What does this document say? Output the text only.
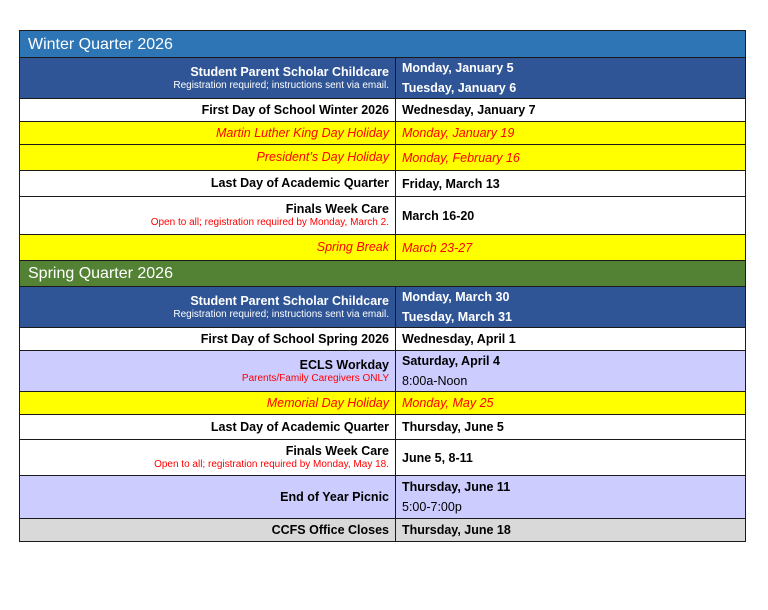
Winter Quarter 2026	

Student Parent Scholar Childcare
Registration required; instructions sent via email.	Monday, January 5
Tuesday, January 6

First Day of School Winter 2026	Wednesday, January 7

Martin Luther King Day Holiday	Monday, January 19

President’s Day Holiday	Monday, February 16

Last Day of Academic Quarter	Friday, March 13

Finals Week Care
Open to all; registration required by Monday, March 2.	March 16-20

Spring Break	March 23-27

Spring Quarter 2026	

Student Parent Scholar Childcare
Registration required; instructions sent via email.	Monday, March 30
Tuesday, March 31

First Day of School Spring 2026	Wednesday, April 1

ECLS Workday
Parents/Family Caregivers ONLY	Saturday, April 4
8:00a-Noon

Memorial Day Holiday	Monday, May 25

Last Day of Academic Quarter	Thursday, June 5

Finals Week Care
Open to all; registration required by Monday, May 18.	June 5, 8-11

End of Year Picnic	Thursday, June 11
5:00-7:00p

CCFS Office Closes	Thursday, June 18
